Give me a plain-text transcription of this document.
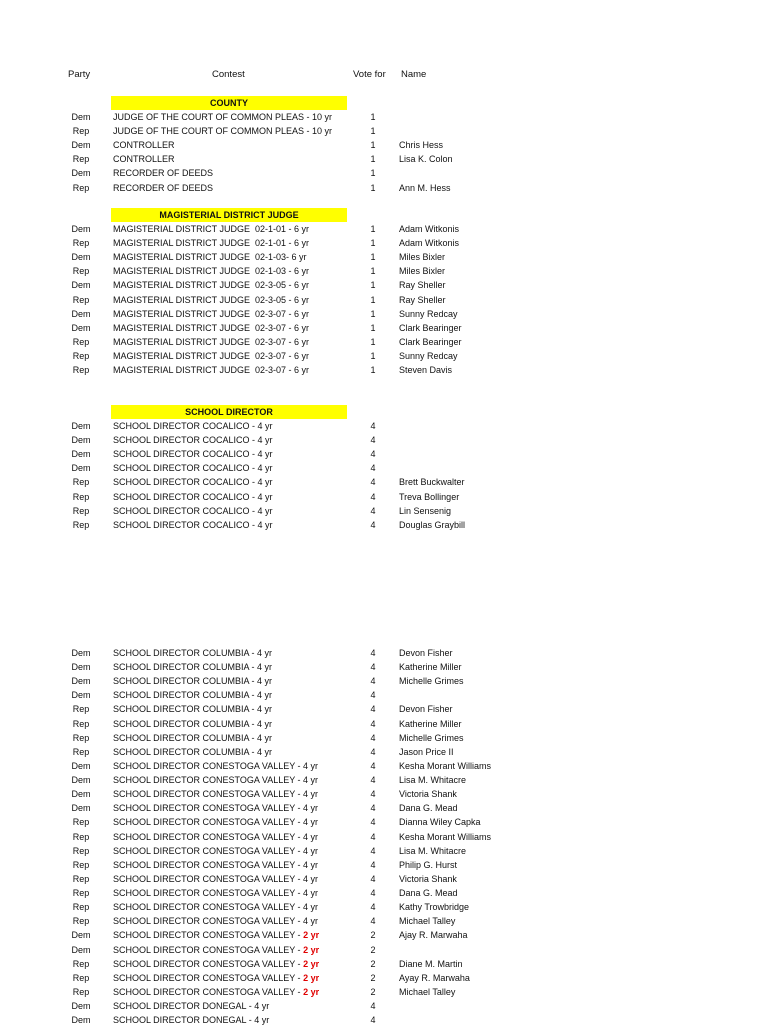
Party	Contest	Vote for Name
COUNTY
MAGISTERIAL DISTRICT JUDGE
SCHOOL DIRECTOR
Dem	JUDGE OF THE COURT OF COMMON PLEAS - 10 yr	1
Rep	JUDGE OF THE COURT OF COMMON PLEAS - 10 yr	1
Dem	CONTROLLER	1	Chris Hess
Rep	CONTROLLER	1	Lisa K. Colon
Dem	RECORDER OF DEEDS	1
Rep	RECORDER OF DEEDS	1	Ann M. Hess
Dem	MAGISTERIAL DISTRICT JUDGE  02-1-01 - 6 yr	1	Adam Witkonis
Rep	MAGISTERIAL DISTRICT JUDGE  02-1-01 - 6 yr	1	Adam Witkonis
Dem	MAGISTERIAL DISTRICT JUDGE  02-1-03- 6 yr	1	Miles Bixler
Rep	MAGISTERIAL DISTRICT JUDGE  02-1-03 - 6 yr	1	Miles Bixler
Dem	MAGISTERIAL DISTRICT JUDGE  02-3-05 - 6 yr	1	Ray Sheller
Rep	MAGISTERIAL DISTRICT JUDGE  02-3-05 - 6 yr	1	Ray Sheller
Dem	MAGISTERIAL DISTRICT JUDGE  02-3-07 - 6 yr	1	Sunny Redcay
Dem	MAGISTERIAL DISTRICT JUDGE  02-3-07 - 6 yr	1	Clark Bearinger
Rep	MAGISTERIAL DISTRICT JUDGE  02-3-07 - 6 yr	1	Clark Bearinger
Rep	MAGISTERIAL DISTRICT JUDGE  02-3-07 - 6 yr	1	Sunny Redcay
Rep	MAGISTERIAL DISTRICT JUDGE  02-3-07 - 6 yr	1	Steven Davis
Dem	SCHOOL DIRECTOR COCALICO - 4 yr	4
Dem	SCHOOL DIRECTOR COCALICO - 4 yr	4
Dem	SCHOOL DIRECTOR COCALICO - 4 yr	4
Dem	SCHOOL DIRECTOR COCALICO - 4 yr	4
Rep	SCHOOL DIRECTOR COCALICO - 4 yr	4	Brett Buckwalter
Rep	SCHOOL DIRECTOR COCALICO - 4 yr	4	Treva Bollinger
Rep	SCHOOL DIRECTOR COCALICO - 4 yr	4	Lin Sensenig
Rep	SCHOOL DIRECTOR COCALICO - 4 yr	4	Douglas Graybill
Dem	SCHOOL DIRECTOR COLUMBIA - 4 yr	4	Devon Fisher
Dem	SCHOOL DIRECTOR COLUMBIA - 4 yr	4	Katherine Miller
Dem	SCHOOL DIRECTOR COLUMBIA - 4 yr	4	Michelle Grimes
Dem	SCHOOL DIRECTOR COLUMBIA - 4 yr	4
Rep	SCHOOL DIRECTOR COLUMBIA - 4 yr	4	Devon Fisher
Rep	SCHOOL DIRECTOR COLUMBIA - 4 yr	4	Katherine Miller
Rep	SCHOOL DIRECTOR COLUMBIA - 4 yr	4	Michelle Grimes
Rep	SCHOOL DIRECTOR COLUMBIA - 4 yr	4	Jason Price II
Dem	SCHOOL DIRECTOR CONESTOGA VALLEY - 4 yr	4	Kesha Morant Williams
Dem	SCHOOL DIRECTOR CONESTOGA VALLEY - 4 yr	4	Lisa M. Whitacre
Dem	SCHOOL DIRECTOR CONESTOGA VALLEY - 4 yr	4	Victoria Shank
Dem	SCHOOL DIRECTOR CONESTOGA VALLEY - 4 yr	4	Dana G. Mead
Rep	SCHOOL DIRECTOR CONESTOGA VALLEY - 4 yr	4	Dianna Wiley Capka
Rep	SCHOOL DIRECTOR CONESTOGA VALLEY - 4 yr	4	Kesha Morant Williams
Rep	SCHOOL DIRECTOR CONESTOGA VALLEY - 4 yr	4	Lisa M. Whitacre
Rep	SCHOOL DIRECTOR CONESTOGA VALLEY - 4 yr	4	Philip G. Hurst
Rep	SCHOOL DIRECTOR CONESTOGA VALLEY - 4 yr	4	Victoria Shank
Rep	SCHOOL DIRECTOR CONESTOGA VALLEY - 4 yr	4	Dana G. Mead
Rep	SCHOOL DIRECTOR CONESTOGA VALLEY - 4 yr	4	Kathy Trowbridge
Rep	SCHOOL DIRECTOR CONESTOGA VALLEY - 4 yr	4	Michael Talley
Dem	SCHOOL DIRECTOR CONESTOGA VALLEY - 2 yr	2	Ajay R. Marwaha
Dem	SCHOOL DIRECTOR CONESTOGA VALLEY - 2 yr	2
Rep	SCHOOL DIRECTOR CONESTOGA VALLEY - 2 yr	2	Diane M. Martin
Rep	SCHOOL DIRECTOR CONESTOGA VALLEY - 2 yr	2	Ayay R. Marwaha
Rep	SCHOOL DIRECTOR CONESTOGA VALLEY - 2 yr	2	Michael Talley
Dem	SCHOOL DIRECTOR DONEGAL - 4 yr	4
Dem	SCHOOL DIRECTOR DONEGAL - 4 yr	4
